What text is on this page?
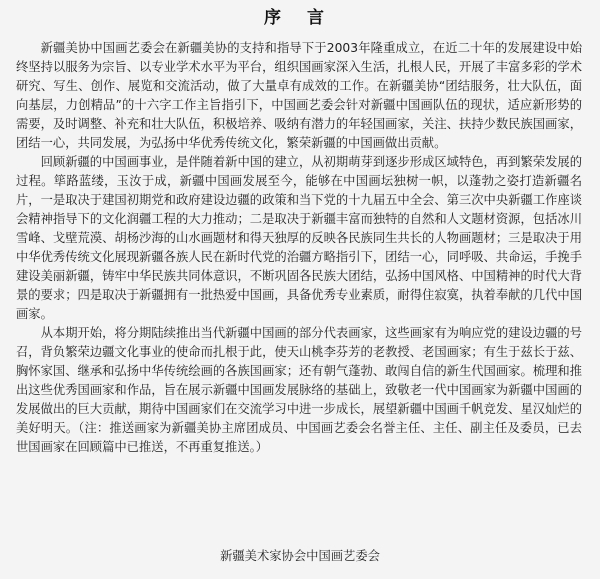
序 言

新疆美协中国画艺委会在新疆美协的支持和指导下于2003年隆重成立，在近二十年的发展建设中始终坚持以服务为宗旨、以专业学术水平为平台，组织国画家深入生活，扎根人民，开展了丰富多彩的学术研究、写生、创作、展览和交流活动，做了大量卓有成效的工作。在新疆美协“团结服务，壮大队伍，面向基层，力创精品”的十六字工作主旨指引下，中国画艺委会针对新疆中国画队伍的现状，适应新形势的需要，及时调整、补充和壮大队伍，积极培养、吸纳有潜力的年轻国画家，关注、扶持少数民族国画家，团结一心，共同发展，为弘扬中华优秀传统文化，繁荣新疆的中国画做出贡献。

回顾新疆的中国画事业，是伴随着新中国的建立，从初期萌芽到逐步形成区域特色，再到繁荣发展的过程。筚路蓝缕，玉汝于成，新疆中国画发展至今，能够在中国画坛独树一帜，以蓬勃之姿打造新疆名片，一是取决于建国初期党和政府建设边疆的政策和当下党的十九届五中全会、第三次中央新疆工作座谈会精神指导下的文化润疆工程的大力推动；二是取决于新疆丰富而独特的自然和人文题材资源，包括冰川雪峰、戈壁荒漠、胡杨沙海的山水画题材和得天独厚的反映各民族同生共长的人物画题材；三是取决于用中华优秀传统文化展现新疆各族人民在新时代党的治疆方略指引下，团结一心，同呼吸、共命运，手挽手建设美丽新疆，铸牢中华民族共同体意识，不断巩固各民族大团结，弘扬中国风格、中国精神的时代大背景的要求；四是取决于新疆拥有一批热爱中国画，具备优秀专业素质，耐得住寂寞，执着奉献的几代中国画家。

从本期开始，将分期陆续推出当代新疆中国画的部分代表画家，这些画家有为响应党的建设边疆的号召，背负繁荣边疆文化事业的使命而扎根于此，使天山桃李芬芳的老教授、老国画家；有生于兹长于兹、胸怀家国、继承和弘扬中华传统绘画的各族国画家；还有朝气蓬勃、敢闯自信的新生代国画家。梳理和推出这些优秀国画家和作品，旨在展示新疆中国画发展脉络的基础上，致敬老一代中国画家为新疆中国画的发展做出的巨大贡献，期待中国画家们在交流学习中进一步成长，展望新疆中国画千帆竞发、星汉灿烂的美好明天。（注：推送画家为新疆美协主席团成员、中国画艺委会名誉主任、主任、副主任及委员，已去世国画家在回顾篇中已推送，不再重复推送。）

新疆美术家协会中国画艺委会
